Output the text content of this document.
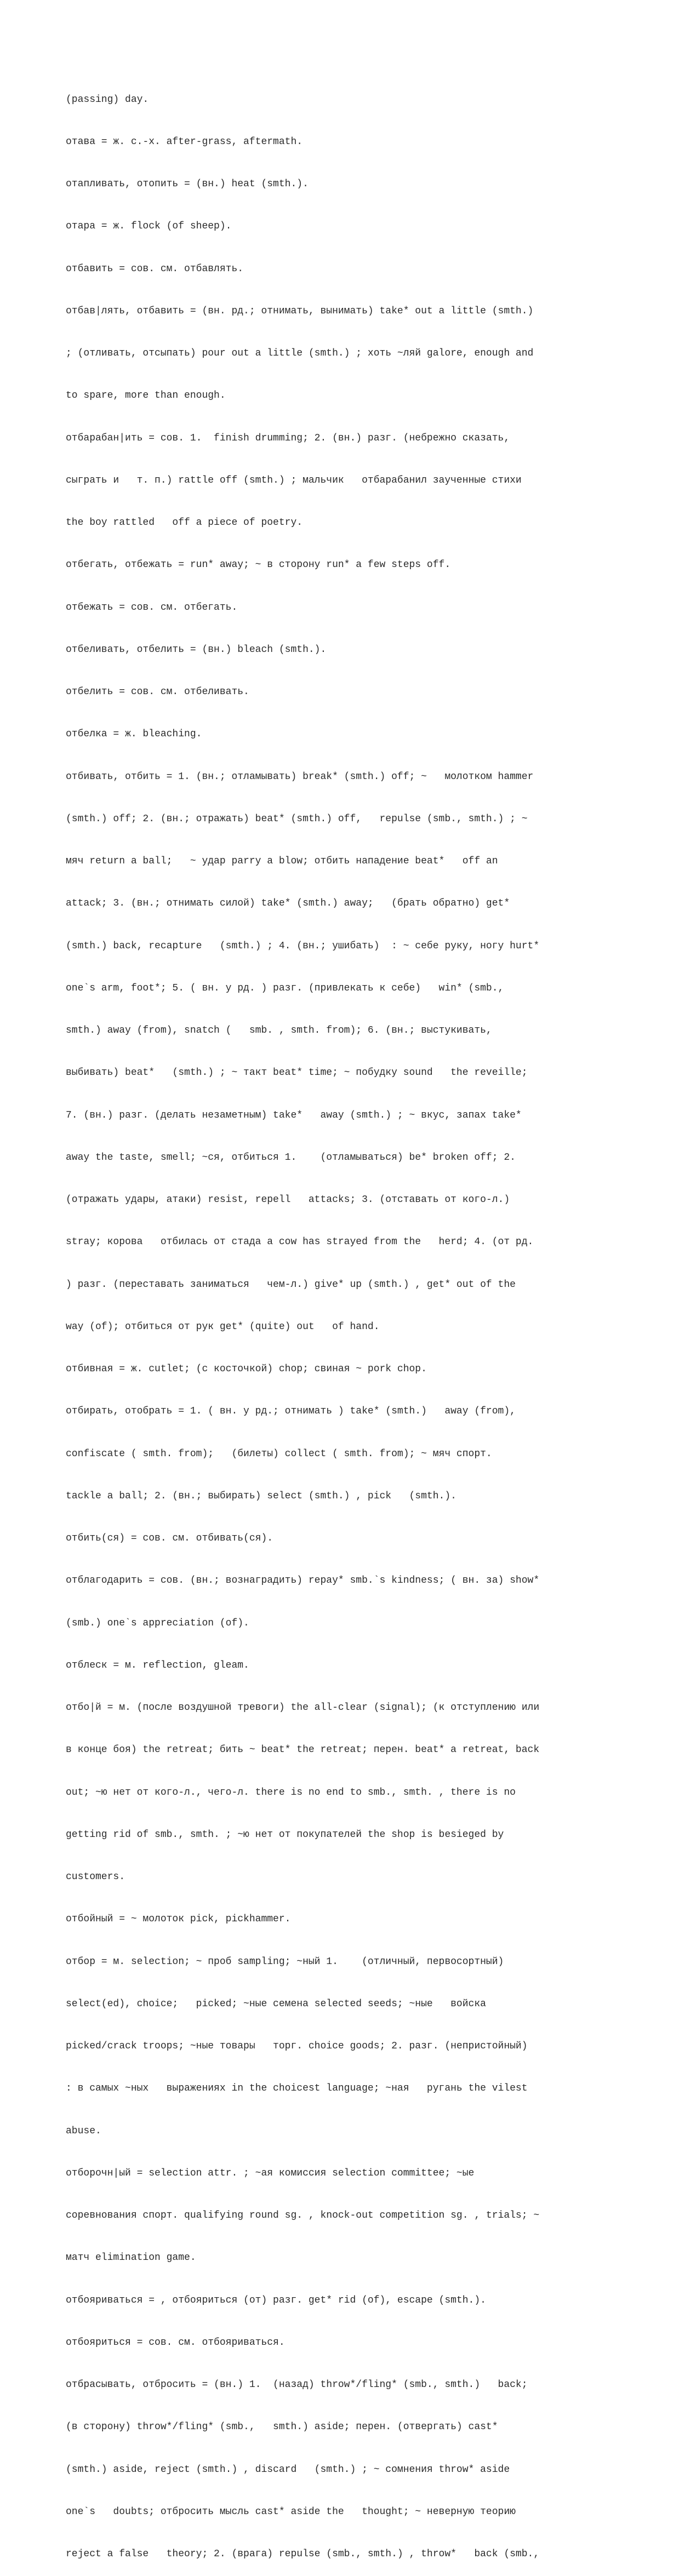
(passing) day.

отава = ж. с.-х. after-grass, aftermath.

отапливать, отопить = (вн.) heat (smth.).

отара = ж. flock (of sheep).

отбавить = сов. см. отбавлять.

отбав|лять, отбавить = (вн. рд.; отнимать, вынимать) take* out a little (smth.)

; (отливать, отсыпать) pour out a little (smth.) ; хоть ~ляй galore, enough and

to spare, more than enough.

отбарабан|ить = сов. 1.  finish drumming; 2. (вн.) разг. (небрежно сказать,

сыграть и   т. п.) rattle off (smth.) ; мальчик   отбарабанил заученные стихи

the boy rattled   off a piece of poetry.

отбегать, отбежать = run* away; ~ в сторону run* a few steps off.

отбежать = сов. см. отбегать.

отбеливать, отбелить = (вн.) bleach (smth.).

отбелить = сов. см. отбеливать.

отбелка = ж. bleaching.

отбивать, отбить = 1. (вн.; отламывать) break* (smth.) off; ~   молотком hammer

(smth.) off; 2. (вн.; отражать) beat* (smth.) off,   repulse (smb., smth.) ; ~

мяч return a ball;   ~ удар parry a blow; отбить нападение beat*   off an

attack; 3. (вн.; отнимать силой) take* (smth.) away;   (брать обратно) get*

(smth.) back, recapture   (smth.) ; 4. (вн.; ушибать)  : ~ себе руку, ногу hurt*

one`s arm, foot*; 5. ( вн. у рд. ) разг. (привлекать к себе)   win* (smb.,

smth.) away (from), snatch (   smb. , smth. from); 6. (вн.; выстукивать,

выбивать) beat*   (smth.) ; ~ такт beat* time; ~ побудку sound   the reveille;

7. (вн.) разг. (делать незаметным) take*   away (smth.) ; ~ вкус, запах take*

away the taste, smell; ~ся, отбиться 1.    (отламываться) be* broken off; 2.

(отражать удары, атаки) resist, repell   attacks; 3. (отставать от кого-л.)

stray; корова   отбилась от стада a cow has strayed from the   herd; 4. (от рд.

) разг. (переставать заниматься   чем-л.) give* up (smth.) , get* out of the

way (of); отбиться от рук get* (quite) out   of hand.

отбивная = ж. cutlet; (с косточкой) chop; свиная ~ pork chop.

отбирать, отобрать = 1. ( вн. у рд.; отнимать ) take* (smth.)   away (from),

confiscate ( smth. from);   (билеты) collect ( smth. from); ~ мяч спорт.

tackle a ball; 2. (вн.; выбирать) select (smth.) , pick   (smth.).

отбить(ся) = сов. см. отбивать(ся).

отблагодарить = сов. (вн.; вознаградить) repay* smb.`s kindness; ( вн. за) show*

(smb.) one`s appreciation (of).

отблеск = м. reflection, gleam.

отбо|й = м. (после воздушной тревоги) the all-clear (signal); (к отступлению или

в конце боя) the retreat; бить ~ beat* the retreat; перен. beat* a retreat, back

out; ~ю нет от кого-л., чего-л. there is no end to smb., smth. , there is no

getting rid of smb., smth. ; ~ю нет от покупателей the shop is besieged by

customers.

отбойный = ~ молоток pick, pickhammer.

отбор = м. selection; ~ проб sampling; ~ный 1.    (отличный, первосортный)

select(ed), choice;   picked; ~ные семена selected seeds; ~ные   войска

picked/crack troops; ~ные товары   торг. choice goods; 2. разг. (непристойный)

: в самых ~ных   выражениях in the choicest language; ~ная   ругань the vilest

abuse.

отборочн|ый = selection attr. ; ~ая комиссия selection committee; ~ые

соревнования спорт. qualifying round sg. , knock-out competition sg. , trials; ~

матч elimination game.

отбояриваться = , отбояриться (от) разг. get* rid (of), escape (smth.).

отбояриться = сов. см. отбояриваться.

отбрасывать, отбросить = (вн.) 1.  (назад) throw*/fling* (smb., smth.)   back;

(в сторону) throw*/fling* (smb.,   smth.) aside; перен. (отвергать) cast*

(smth.) aside, reject (smth.) , discard   (smth.) ; ~ сомнения throw* aside

one`s   doubts; отбросить мысль cast* aside the   thought; ~ неверную теорию

reject a false   theory; 2. (врага) repulse (smb., smth.) , throw*   back (smb.,
